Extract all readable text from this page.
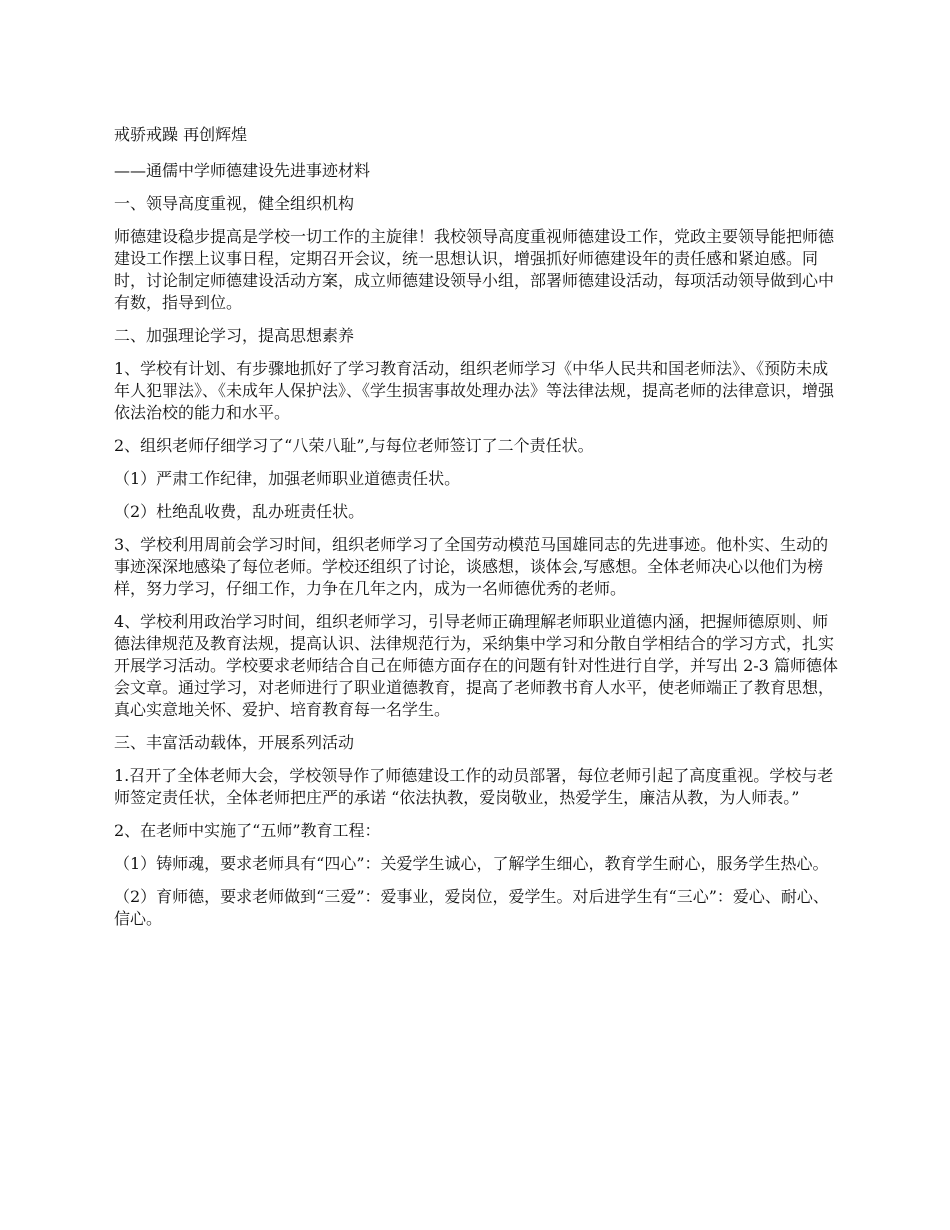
戒骄戒躁 再创辉煌

——通儒中学师德建设先进事迹材料

一、领导高度重视，健全组织机构

师德建设稳步提高是学校一切工作的主旋律！我校领导高度重视师德建设工作，党政主要领导能把师德建设工作摆上议事日程，定期召开会议，统一思想认识，增强抓好师德建设年的责任感和紧迫感。同时，讨论制定师德建设活动方案，成立师德建设领导小组，部署师德建设活动，每项活动领导做到心中有数，指导到位。

二、加强理论学习，提高思想素养

1、学校有计划、有步骤地抓好了学习教育活动，组织老师学习《中华人民共和国老师法》、《预防未成年人犯罪法》、《未成年人保护法》、《学生损害事故处理办法》等法律法规，提高老师的法律意识，增强依法治校的能力和水平。

2、组织老师仔细学习了“八荣八耻”,与每位老师签订了二个责任状。

（1）严肃工作纪律，加强老师职业道德责任状。

（2）杜绝乱收费，乱办班责任状。

3、学校利用周前会学习时间，组织老师学习了全国劳动模范马国雄同志的先进事迹。他朴实、生动的事迹深深地感染了每位老师。学校还组织了讨论，谈感想，谈体会,写感想。全体老师决心以他们为榜样，努力学习，仔细工作，力争在几年之内，成为一名师德优秀的老师。

4、学校利用政治学习时间，组织老师学习，引导老师正确理解老师职业道德内涵，把握师德原则、师德法律规范及教育法规，提高认识、法律规范行为，采纳集中学习和分散自学相结合的学习方式，扎实开展学习活动。学校要求老师结合自己在师德方面存在的问题有针对性进行自学，并写出 2-3 篇师德体会文章。通过学习，对老师进行了职业道德教育，提高了老师教书育人水平，使老师端正了教育思想，真心实意地关怀、爱护、培育教育每一名学生。

三、丰富活动载体，开展系列活动

1.召开了全体老师大会，学校领导作了师德建设工作的动员部署，每位老师引起了高度重视。学校与老师签定责任状，全体老师把庄严的承诺 “依法执教，爱岗敬业，热爱学生，廉洁从教，为人师表。”

2、在老师中实施了“五师”教育工程：

（1）铸师魂，要求老师具有“四心”：关爱学生诚心，了解学生细心，教育学生耐心，服务学生热心。

（2）育师德，要求老师做到“三爱”：爱事业，爱岗位，爱学生。对后进学生有“三心”：爱心、耐心、信心。
